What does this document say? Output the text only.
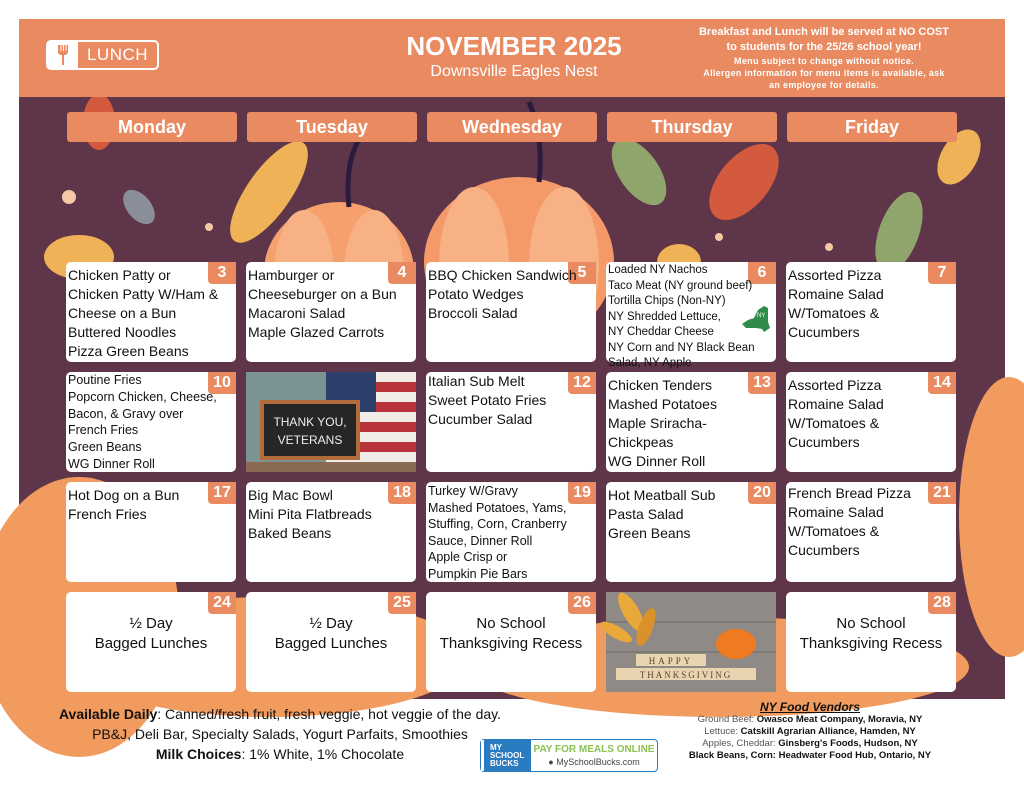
LUNCH	NOVEMBER 2025
Downsville Eagles Nest
Breakfast and Lunch will be served at NO COST
to students for the 25/26 school year!
Menu subject to change without notice.
Allergen information for menu items is available, ask
an employee for details.
Monday	Tuesday	Wednesday	Thursday	Friday
3
Chicken Patty or
Chicken Patty W/Ham &
Cheese on a Bun
Buttered Noodles
Pizza Green Beans
4
Hamburger or
Cheeseburger on a Bun
Macaroni Salad
Maple Glazed Carrots
5
BBQ Chicken Sandwich
Potato Wedges
Broccoli Salad
6
Loaded NY Nachos
Taco Meat (NY ground beef)
Tortilla Chips (Non-NY)
NY Shredded Lettuce,
NY Cheddar Cheese
NY Corn and NY Black Bean
Salad, NY Apple
NY
7
Assorted Pizza
Romaine Salad
W/Tomatoes &
Cucumbers
10
Poutine Fries
Popcorn Chicken, Cheese,
Bacon, & Gravy over
French Fries
Green Beans
WG Dinner Roll
THANK YOU,
VETERANS
12
Italian Sub Melt
Sweet Potato Fries
Cucumber Salad
13
Chicken Tenders
Mashed Potatoes
Maple Sriracha-
Chickpeas
WG Dinner Roll
14
Assorted Pizza
Romaine Salad
W/Tomatoes &
Cucumbers
17
Hot Dog on a Bun
French Fries
18
Big Mac Bowl
Mini Pita Flatbreads
Baked Beans
19
Turkey W/Gravy
Mashed Potatoes, Yams,
Stuffing, Corn, Cranberry
Sauce, Dinner Roll
Apple Crisp or
Pumpkin Pie Bars
20
Hot Meatball Sub
Pasta Salad
Green Beans
21
French Bread Pizza
Romaine Salad
W/Tomatoes &
Cucumbers
24
½ Day
Bagged Lunches
25
½ Day
Bagged Lunches
26
No School
Thanksgiving Recess
HAPPY
THANKSGIVING
28
No School
Thanksgiving Recess
Available Daily: Canned/fresh fruit, fresh veggie, hot veggie of the day.
PB&J, Deli Bar, Specialty Salads, Yogurt Parfaits, Smoothies
Milk Choices: 1% White, 1% Chocolate	MY
SCHOOL
BUCKS
PAY FOR MEALS ONLINE
● MySchoolBucks.com
NY Food Vendors
Ground Beef: Owasco Meat Company, Moravia, NY
Lettuce: Catskill Agrarian Alliance, Hamden, NY
Apples, Cheddar: Ginsberg's Foods, Hudson, NY
Black Beans, Corn: Headwater Food Hub, Ontario, NY
